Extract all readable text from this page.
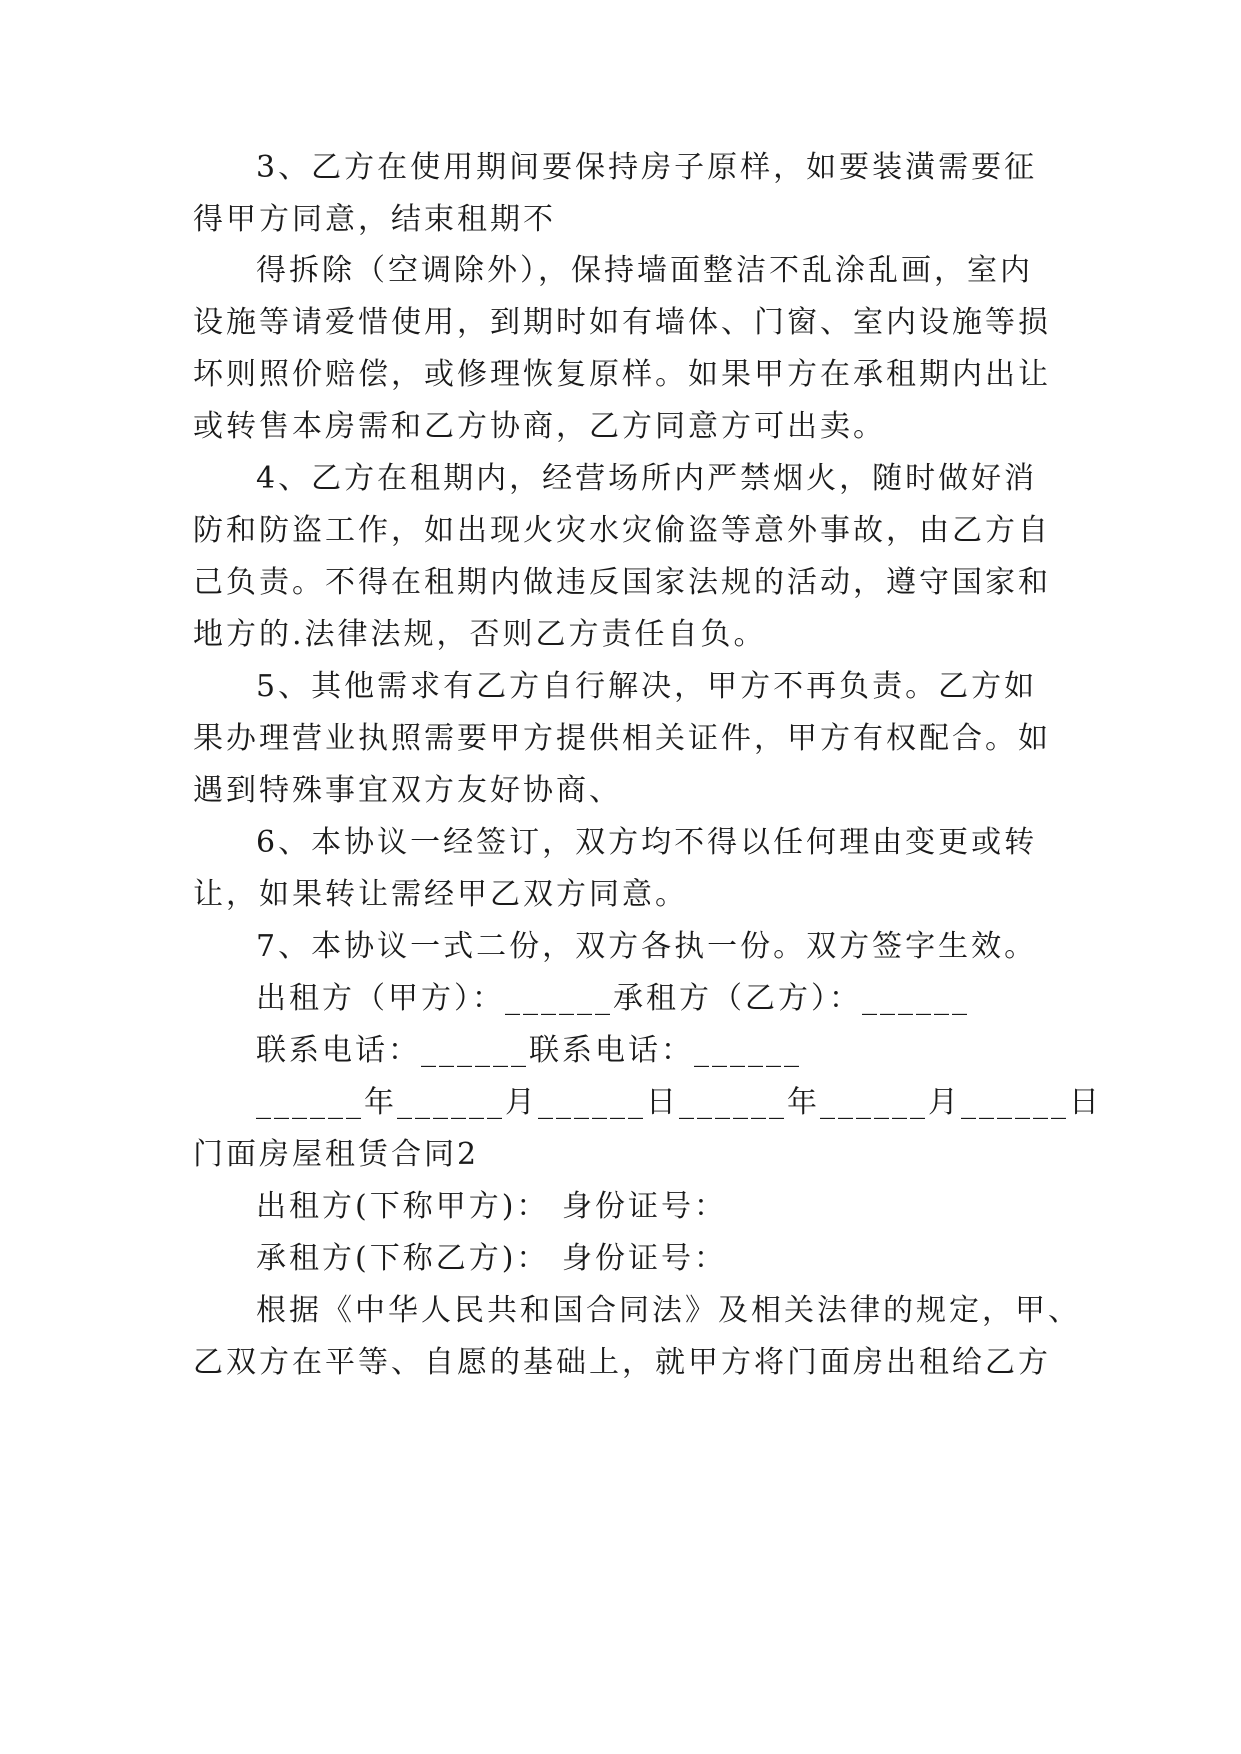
3、乙方在使用期间要保持房子原样，如要装潢需要征
得甲方同意，结束租期不
得拆除（空调除外），保持墙面整洁不乱涂乱画，室内
设施等请爱惜使用，到期时如有墙体、门窗、室内设施等损
坏则照价赔偿，或修理恢复原样。如果甲方在承租期内出让
或转售本房需和乙方协商，乙方同意方可出卖。
4、乙方在租期内，经营场所内严禁烟火，随时做好消
防和防盗工作，如出现火灾水灾偷盗等意外事故，由乙方自
己负责。不得在租期内做违反国家法规的活动，遵守国家和
地方的.法律法规，否则乙方责任自负。
5、其他需求有乙方自行解决，甲方不再负责。乙方如
果办理营业执照需要甲方提供相关证件，甲方有权配合。如
遇到特殊事宜双方友好协商、
6、本协议一经签订，双方均不得以任何理由变更或转
让，如果转让需经甲乙双方同意。
7、本协议一式二份，双方各执一份。双方签字生效。
出租方（甲方）：______承租方（乙方）：______
联系电话：______联系电话：______
______年______月______日______年______月______日
门面房屋租赁合同2
出租方(下称甲方)： 身份证号：
承租方(下称乙方)： 身份证号：
根据《中华人民共和国合同法》及相关法律的规定，甲、
乙双方在平等、自愿的基础上，就甲方将门面房出租给乙方
